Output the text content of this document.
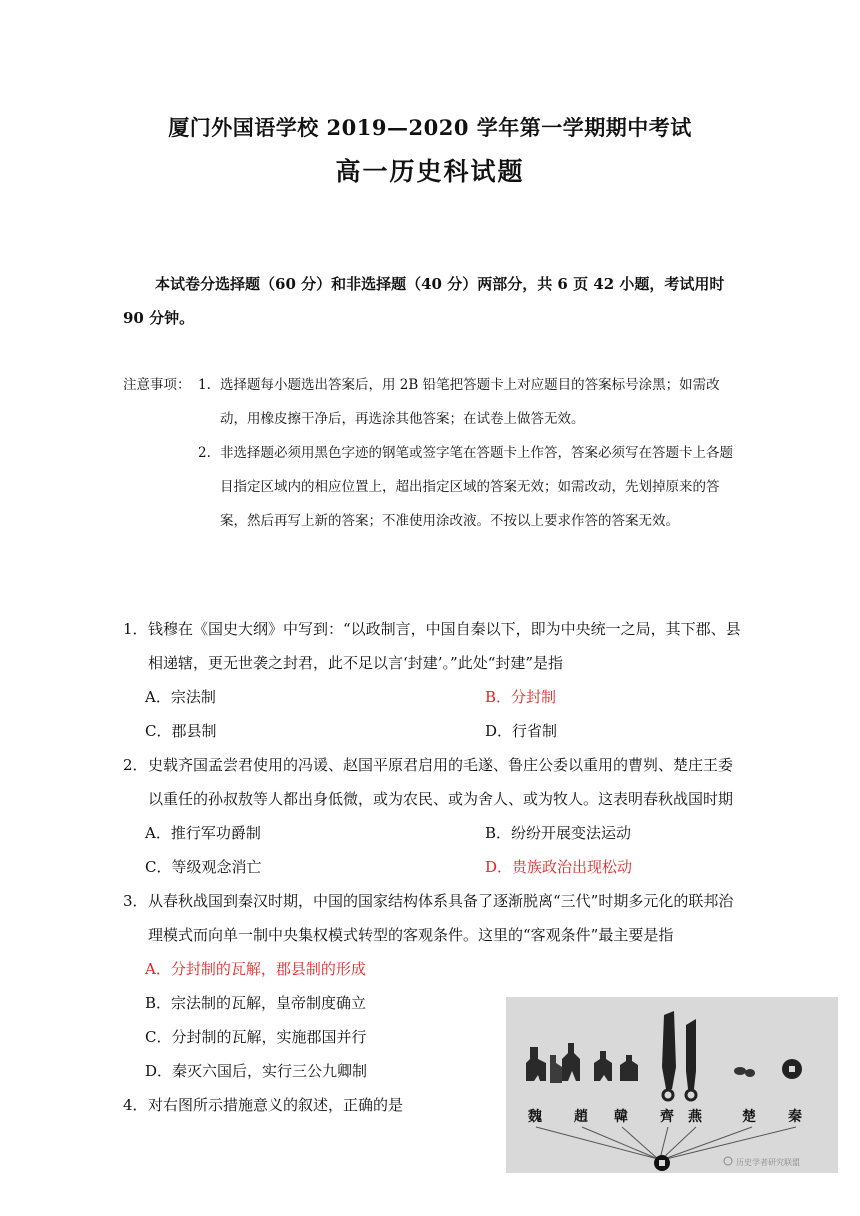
厦门外国语学校 2019—2020 学年第一学期期中考试
高一历史科试题
本试卷分选择题（60 分）和非选择题（40 分）两部分，共 6 页 42 小题，考试用时 90 分钟。
注意事项： 1. 选择题每小题选出答案后，用 2B 铅笔把答题卡上对应题目的答案标号涂黑；如需改动，用橡皮擦干净后，再选涂其他答案；在试卷上做答无效。
2. 非选择题必须用黑色字迹的钢笔或签字笔在答题卡上作答，答案必须写在答题卡上各题目指定区域内的相应位置上，超出指定区域的答案无效；如需改动，先划掉原来的答案，然后再写上新的答案；不准使用涂改液。不按以上要求作答的答案无效。
1． 钱穆在《国史大纲》中写到：“以政制言，中国自秦以下，即为中央统一之局，其下郡、县相递辖，更无世袭之封君，此不足以言‘封建’。”此处“封建”是指
A．宗法制	B．分封制
C．郡县制	D．行省制
2． 史载齐国孟尝君使用的冯谖、赵国平原君启用的毛遂、鲁庄公委以重用的曹刿、楚庄王委以重任的孙叔敖等人都出身低微，或为农民、或为舍人、或为牧人。这表明春秋战国时期
A．推行军功爵制	B．纷纷开展变法运动
C．等级观念消亡	D．贵族政治出现松动
3． 从春秋战国到秦汉时期，中国的国家结构体系具备了逐渐脱离“三代”时期多元化的联邦治理模式而向单一制中央集权模式转型的客观条件。这里的“客观条件”最主要是指
A．分封制的瓦解，郡县制的形成
B．宗法制的瓦解，皇帝制度确立
C．分封制的瓦解，实施郡国并行
D．秦灭六国后，实行三公九卿制
4． 对右图所示措施意义的叙述，正确的是
魏 趙 韓 齊 燕	楚 秦
历史学者研究联盟
